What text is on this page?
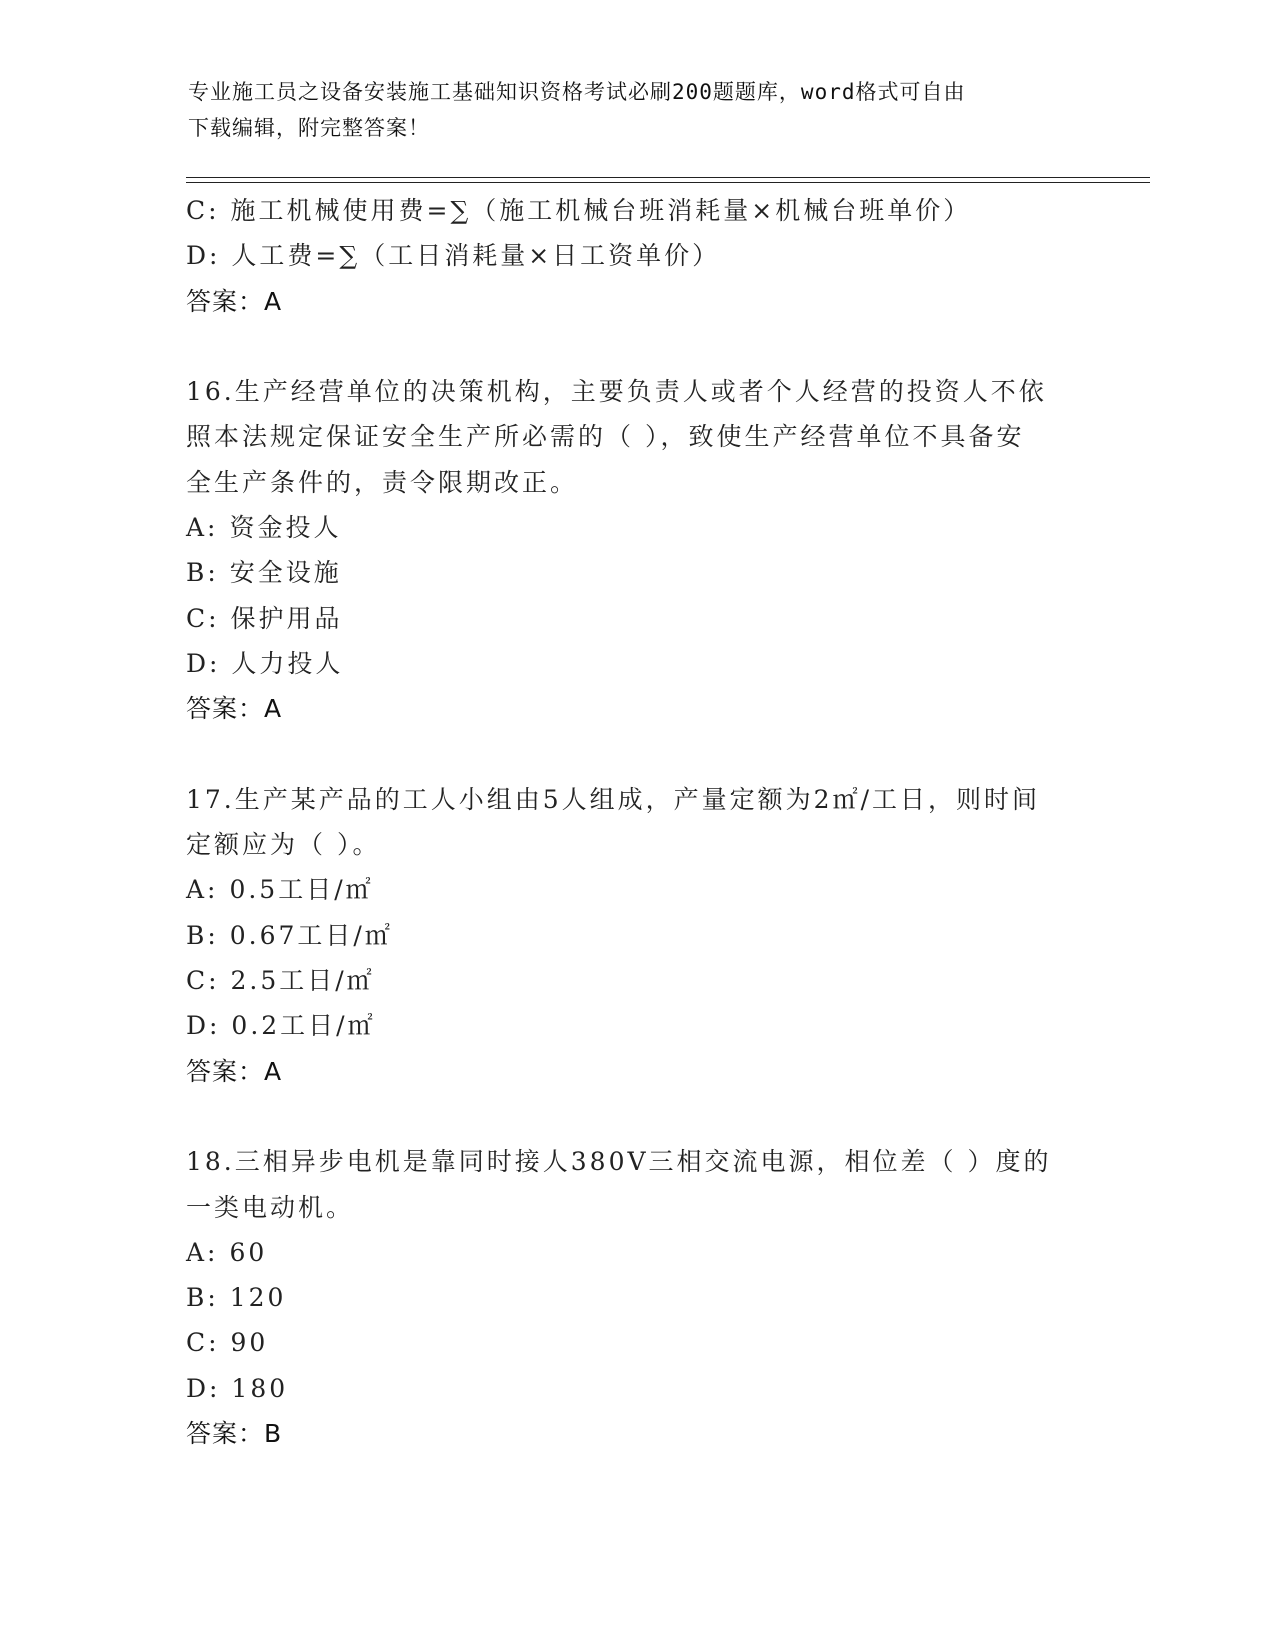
专业施工员之设备安装施工基础知识资格考试必刷200题题库，word格式可自由
下载编辑，附完整答案！
C: 施工机械使用费=∑（施工机械台班消耗量×机械台班单价）
D: 人工费=∑（工日消耗量×日工资单价）
答案：A
16.生产经营单位的决策机构，主要负责人或者个人经营的投资人不依
照本法规定保证安全生产所必需的（ ），致使生产经营单位不具备安
全生产条件的，责令限期改正。
A: 资金投人
B: 安全设施
C: 保护用品
D: 人力投人
答案：A
17.生产某产品的工人小组由5人组成，产量定额为2㎡/工日，则时间
定额应为（ ）。
A: 0.5工日/㎡
B: 0.67工日/㎡
C: 2.5工日/㎡
D: 0.2工日/㎡
答案：A
18.三相异步电机是靠同时接人380V三相交流电源，相位差（ ）度的
一类电动机。
A: 60
B: 120
C: 90
D: 180
答案：B
